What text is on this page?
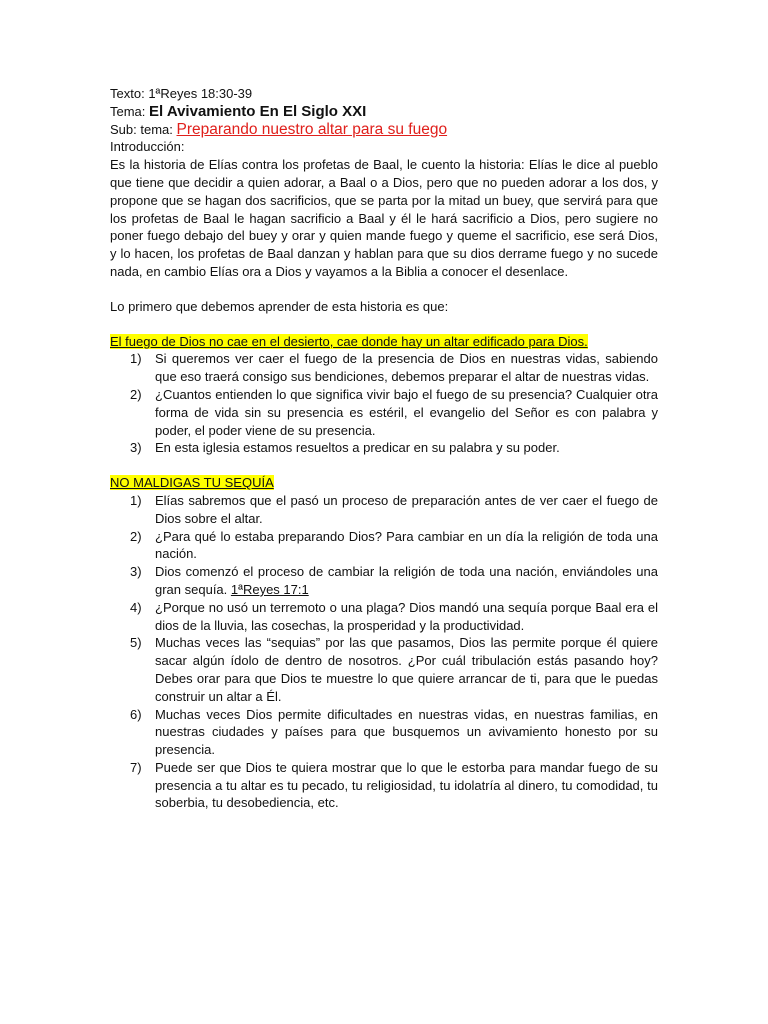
Texto: 1ªReyes 18:30-39

Tema: El Avivamiento En El Siglo XXI

Sub: tema: Preparando nuestro altar para su fuego

Introducción:

Es la historia de Elías contra los profetas de Baal, le cuento la historia: Elías le dice al pueblo que tiene que decidir a quien adorar, a Baal o a Dios, pero que no pueden adorar a los dos, y propone que se hagan dos sacrificios, que se parta por la mitad un buey, que servirá para que los profetas de Baal le hagan sacrificio a Baal y él le hará sacrificio a Dios, pero sugiere no poner fuego debajo del buey y orar y quien mande fuego y queme el sacrificio, ese será Dios, y lo hacen, los profetas de Baal danzan y hablan para que su dios derrame fuego y no sucede nada, en cambio Elías ora a Dios y vayamos a la Biblia a conocer el desenlace.

Lo primero que debemos aprender de esta historia es que:

El fuego de Dios no cae en el desierto, cae donde hay un altar edificado para Dios.

1) Si queremos ver caer el fuego de la presencia de Dios en nuestras vidas, sabiendo que eso traerá consigo sus bendiciones, debemos preparar el altar de nuestras vidas.
2) ¿Cuantos entienden lo que significa vivir bajo el fuego de su presencia? Cualquier otra forma de vida sin su presencia es estéril, el evangelio del Señor es con palabra y poder, el poder viene de su presencia.
3) En esta iglesia estamos resueltos a predicar en su palabra y su poder.

NO MALDIGAS TU SEQUÍA

1) Elías sabremos que el pasó un proceso de preparación antes de ver caer el fuego de Dios sobre el altar.
2) ¿Para qué lo estaba preparando Dios? Para cambiar en un día la religión de toda una nación.
3) Dios comenzó el proceso de cambiar la religión de toda una nación, enviándoles una gran sequía. 1ªReyes 17:1
4) ¿Porque no usó un terremoto o una plaga? Dios mandó una sequía porque Baal era el dios de la lluvia, las cosechas, la prosperidad y la productividad.
5) Muchas veces las “sequias” por las que pasamos, Dios las permite porque él quiere sacar algún ídolo de dentro de nosotros. ¿Por cuál tribulación estás pasando hoy? Debes orar para que Dios te muestre lo que quiere arrancar de ti, para que le puedas construir un altar a Él.
6) Muchas veces Dios permite dificultades en nuestras vidas, en nuestras familias, en nuestras ciudades y países para que busquemos un avivamiento honesto por su presencia.
7) Puede ser que Dios te quiera mostrar que lo que le estorba para mandar fuego de su presencia a tu altar es tu pecado, tu religiosidad, tu idolatría al dinero, tu comodidad, tu soberbia, tu desobediencia, etc.
